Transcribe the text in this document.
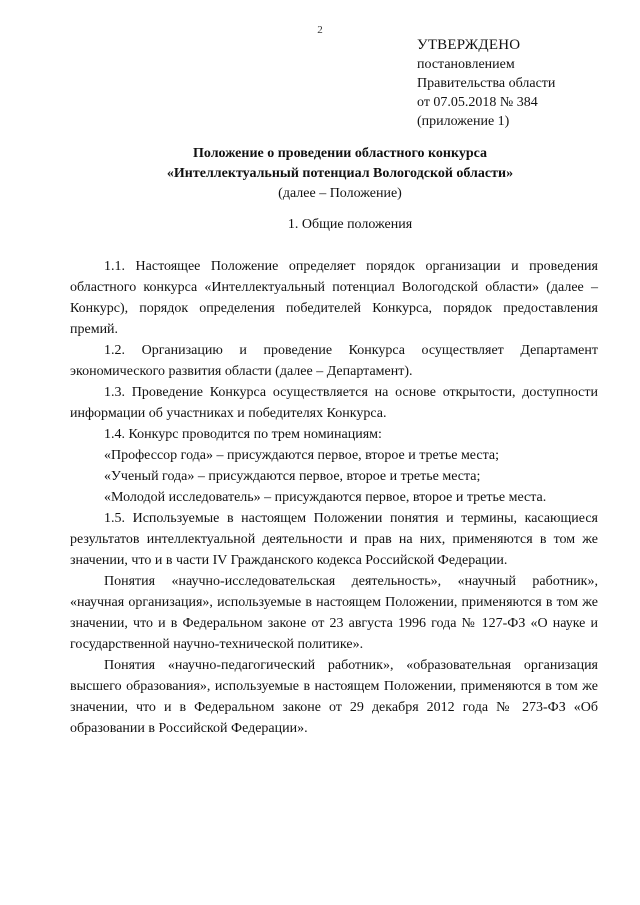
2
УТВЕРЖДЕНО
постановлением
Правительства области
от 07.05.2018 № 384
(приложение 1)
Положение о проведении областного конкурса
«Интеллектуальный потенциал Вологодской области»
(далее – Положение)
1. Общие положения

1.1. Настоящее Положение определяет порядок организации и проведения областного конкурса «Интеллектуальный потенциал Вологодской области» (далее – Конкурс), порядок определения победителей Конкурса, порядок предоставления премий.

1.2. Организацию и проведение Конкурса осуществляет Департамент экономического развития области (далее – Департамент).

1.3. Проведение Конкурса осуществляется на основе открытости, доступности информации об участниках и победителях Конкурса.

1.4. Конкурс проводится по трем номинациям:

«Профессор года» – присуждаются первое, второе и третье места;

«Ученый года» – присуждаются первое, второе и третье места;

«Молодой исследователь» – присуждаются первое, второе и третье места.

1.5. Используемые в настоящем Положении понятия и термины, касающиеся результатов интеллектуальной деятельности и прав на них, применяются в том же значении, что и в части IV Гражданского кодекса Российской Федерации.

Понятия «научно-исследовательская деятельность», «научный работник», «научная организация», используемые в настоящем Положении, применяются в том же значении, что и в Федеральном законе от 23 августа 1996 года № 127-ФЗ «О науке и государственной научно-технической политике».

Понятия «научно-педагогический работник», «образовательная организация высшего образования», используемые в настоящем Положении, применяются в том же значении, что и в Федеральном законе от 29 декабря 2012 года № 273-ФЗ «Об образовании в Российской Федерации».
